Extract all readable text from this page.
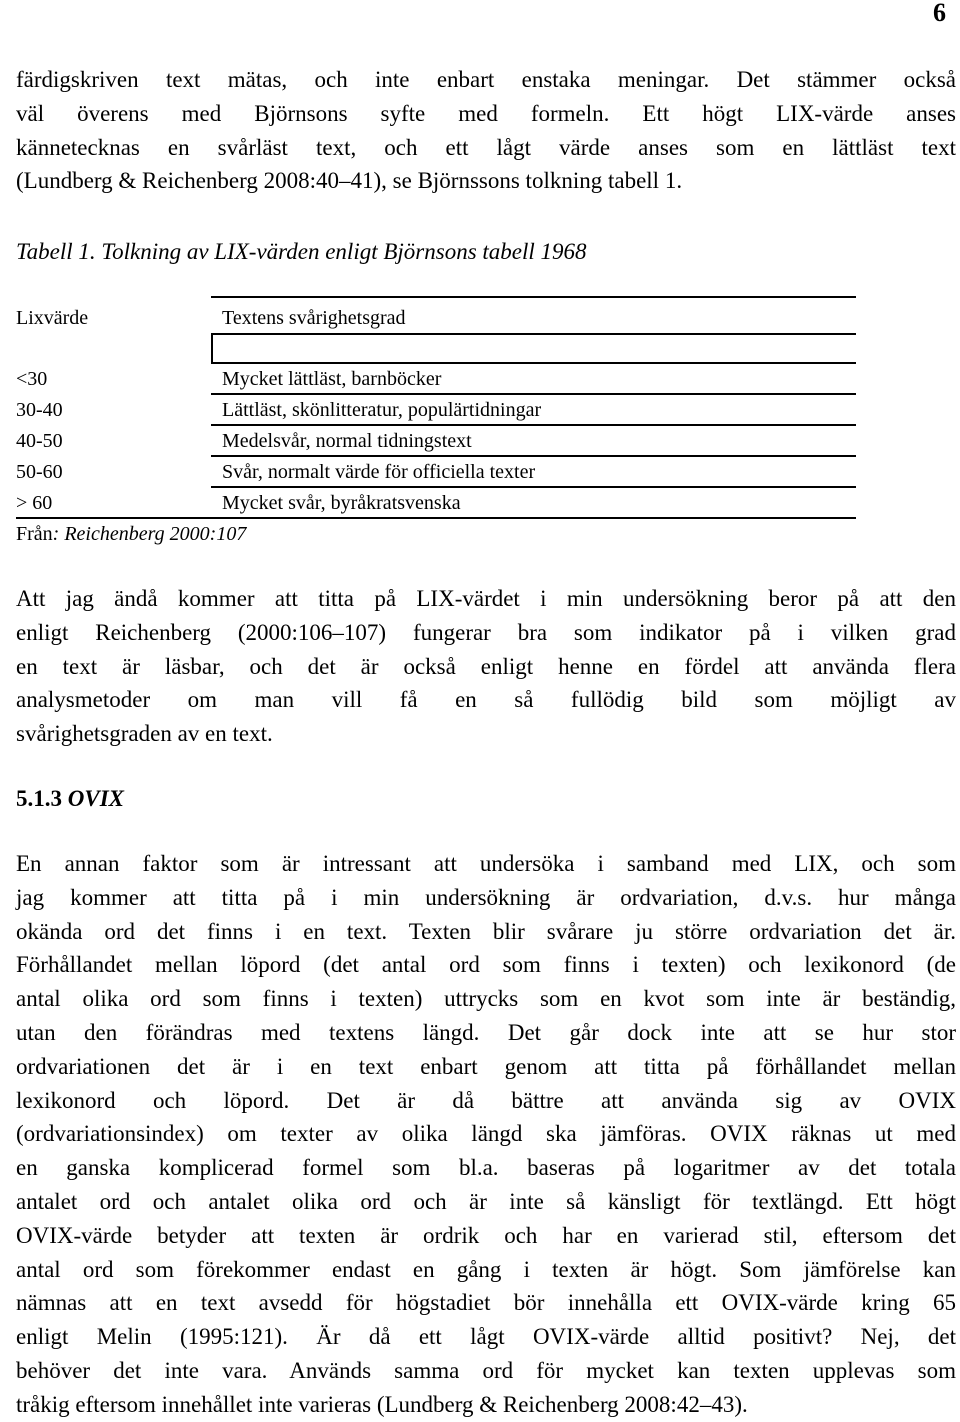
6
färdigskriven text mätas, och inte enbart enstaka meningar. Det stämmer också
väl överens med Björnsons syfte med formeln. Ett högt LIX-värde anses
kännetecknas en svårläst text, och ett lågt värde anses som en lättläst text
(Lundberg & Reichenberg 2008:40–41), se Björnssons tolkning tabell 1.
Tabell 1. Tolkning av LIX-värden enligt Björnsons tabell 1968
Lixvärde	Textens svårighetsgrad
<30	Mycket lättläst, barnböcker
30-40	Lättläst, skönlitteratur, populärtidningar
40-50	Medelsvår, normal tidningstext
50-60	Svår, normalt värde för officiella texter
> 60	Mycket svår, byråkratsvenska
Från: Reichenberg 2000:107
Att jag ändå kommer att titta på LIX-värdet i min undersökning beror på att den
enligt Reichenberg (2000:106–107) fungerar bra som indikator på i vilken grad
en text är läsbar, och det är också enligt henne en fördel att använda flera
analysmetoder om man vill få en så fullödig bild som möjligt av
svårighetsgraden av en text.
5.1.3 OVIX
En annan faktor som är intressant att undersöka i samband med LIX, och som
jag kommer att titta på i min undersökning är ordvariation, d.v.s. hur många
okända ord det finns i en text. Texten blir svårare ju större ordvariation det är.
Förhållandet mellan löpord (det antal ord som finns i texten) och lexikonord (de
antal olika ord som finns i texten) uttrycks som en kvot som inte är beständig,
utan den förändras med textens längd. Det går dock inte att se hur stor
ordvariationen det är i en text enbart genom att titta på förhållandet mellan
lexikonord och löpord. Det är då bättre att använda sig av OVIX
(ordvariationsindex) om texter av olika längd ska jämföras. OVIX räknas ut med
en ganska komplicerad formel som bl.a. baseras på logaritmer av det totala
antalet ord och antalet olika ord och är inte så känsligt för textlängd. Ett högt
OVIX-värde betyder att texten är ordrik och har en varierad stil, eftersom det
antal ord som förekommer endast en gång i texten är högt. Som jämförelse kan
nämnas att en text avsedd för högstadiet bör innehålla ett OVIX-värde kring 65
enligt Melin (1995:121). Är då ett lågt OVIX-värde alltid positivt? Nej, det
behöver det inte vara. Används samma ord för mycket kan texten upplevas som
tråkig eftersom innehållet inte varieras (Lundberg & Reichenberg 2008:42–43).
